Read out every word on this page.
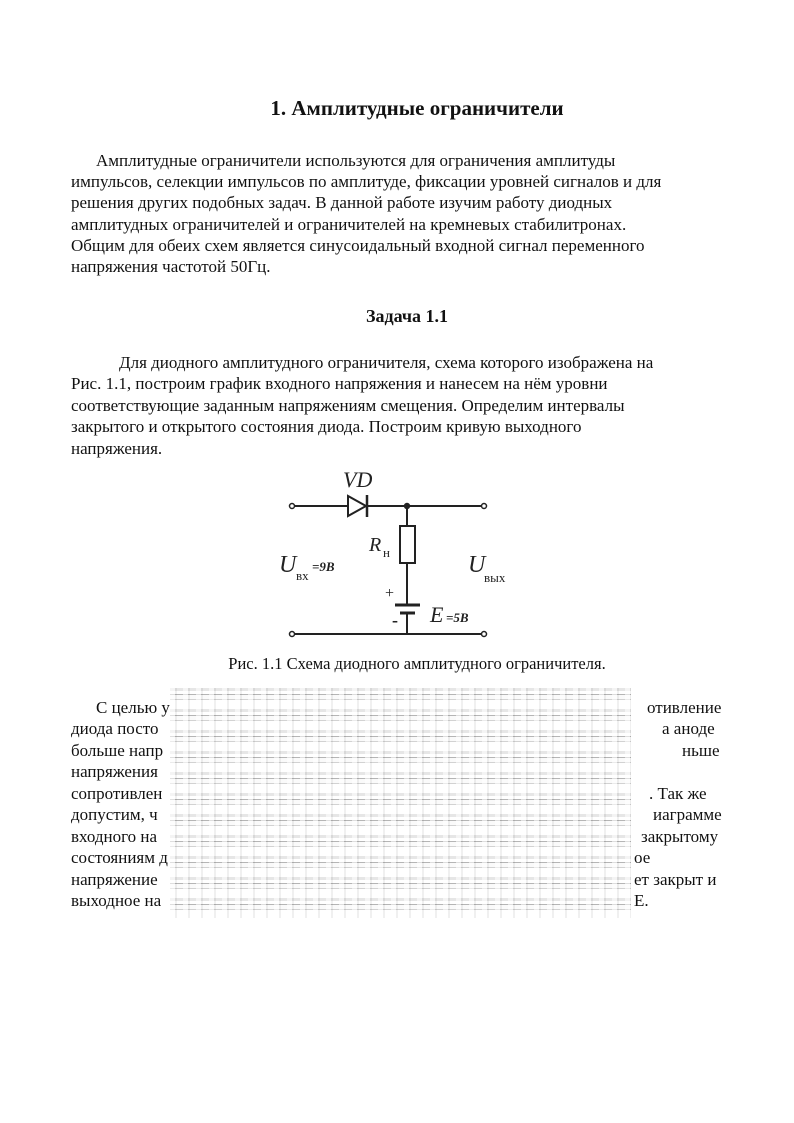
1. Амплитудные ограничители
Амплитудные ограничители используются для ограничения амплитуды
импульсов, селекции импульсов по амплитуде, фиксации уровней сигналов и для
решения других подобных задач. В данной работе изучим работу диодных
амплитудных ограничителей и ограничителей на кремневых стабилитронах.
Общим для обеих схем является синусоидальный входной сигнал переменного
напряжения частотой 50Гц.
Задача 1.1
Для диодного амплитудного ограничителя, схема которого изображена на
Рис. 1.1, построим график входного напряжения и нанесем на нём уровни
соответствующие заданным напряжениям смещения. Определим интервалы
закрытого и открытого состояния диода. Построим кривую выходного
напряжения.
VD
R н
U вх
=9В	U
вых
+
- E =5В
Рис. 1.1 Схема диодного амплитудного ограничителя.
С целью у
диода посто
больше напр
напряжения
сопротивлен
допустим, ч
входного на
состояниям д
напряжение
выходное на
отивление
а аноде
ньше
. Так же
иаграмме
закрытому
ое
ет закрыт и
E.
